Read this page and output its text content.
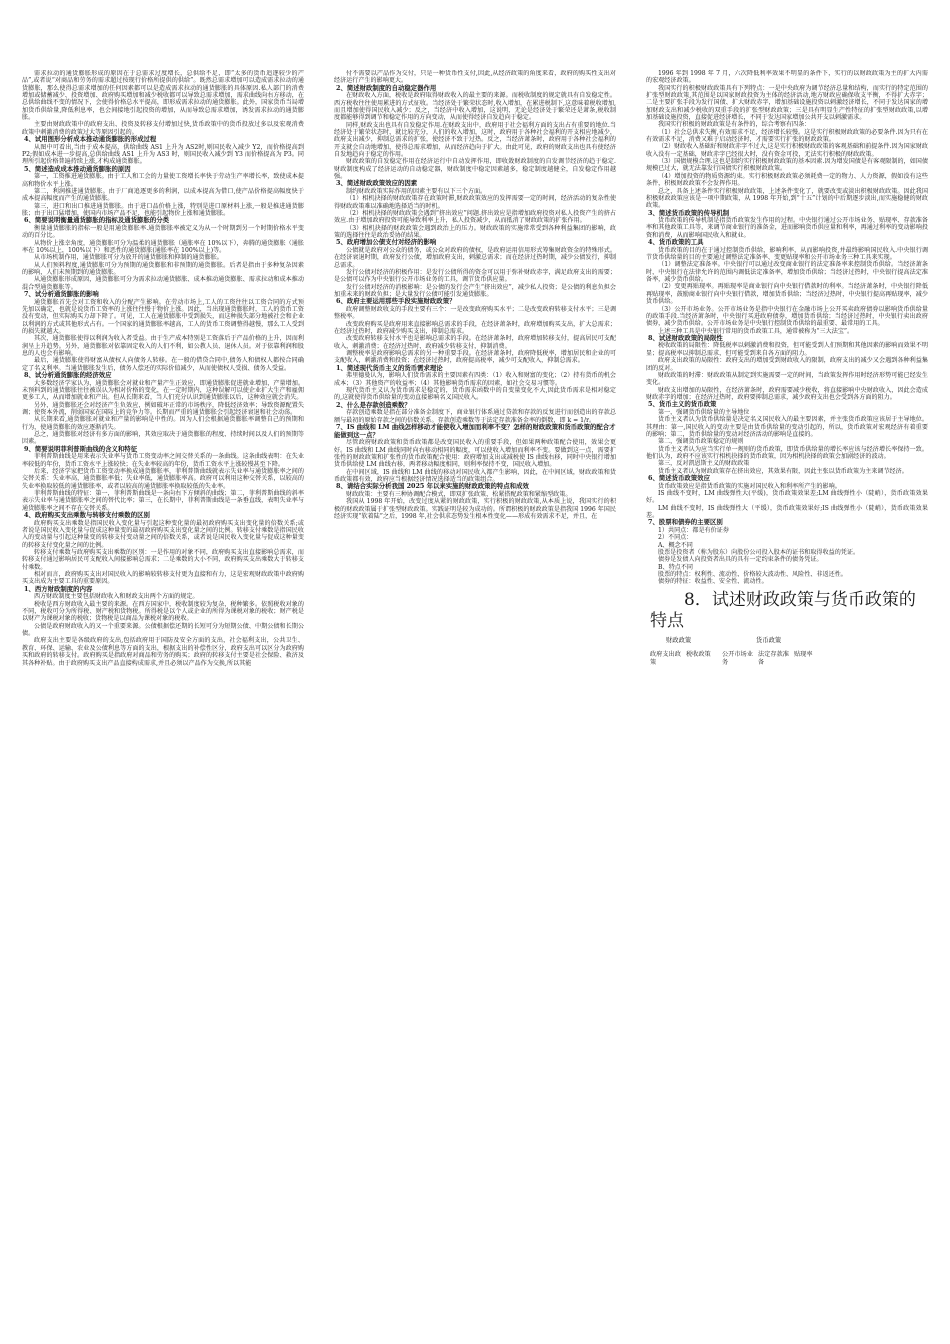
需求拉动的通货膨胀形成的原因在于总需求过度增长，总供给不足，即“太多的货币追逐较少的产品”,或者说“对商品和劳务的需求超过按现行价格所提供的供给”。既然总需求增加可以造成需求拉动的通货膨胀，那么使得总需求增加的任何因素都可以是造成需求拉动的通货膨胀的具体原因.私人部门的消费增加或储蓄减少、投资增加、政府购买增加和减少税收都可以导致总需求增加，需求曲线向右方移动，在总供给曲线不变的情况下，会使得价格总水平提高，即形成需求拉动的通货膨胀。此外，国家货币当局增加货币供给量,降低利息率，也会间接地引起投资的增加，从而导致总需求增加，诱发需求拉动的通货膨胀。

主要由财政政策中的政府支出、投资及转移支付增加过快,货币政策中的货币投放过多以及宏观消费政策中刺激消费的政策过大等原因引起的。

4、试用图形分析成本推动通货膨胀的形成过程

从图中可看出,当由于成本提高，供给曲线 AS1 上升为 AS2时,则国民收入减少 Y2，而价格提高到P2;假如成本进一步提高,总供给曲线 AS1 上升为 AS3 时，则国民收入减少到 Y3 而价格提高为 P3。同理所引起价格普遍持续上涨,才构成通货膨胀。

5、简述造成成本推动通货膨胀的原因

第一，工资推进通货膨胀。由于工人和工会的力量使工资增长率快于劳动生产率增长率，致使成本提高和物价水平上涨。

第二，利润推进通货膨胀。由于厂商追逐更多的利润，以成本提高为借口,使产品价格提高幅度快于成本提高幅度而产生的通货膨胀。

第三，进口和出口推进通货膨胀。由于进口品价格上涨，特别是进口原材料上涨,一般是推进通货膨胀；由于出口猛增加，使国内市场产品不足，也能引起物价上涨和通货膨胀。

6、简要说明衡量通货膨胀的指标及通货膨胀的分类

衡量通货膨胀的指标一般是用通货膨胀率.通货膨胀率被定义为从一个时期到另一个时期价格水平变动的百分比。

从物价上涨幸角度，通货膨胀可分为温柔的通货膨胀（通胀率在 10%以下），奔腾的通货膨胀（通胀率在 10%以上，100%以下）和恶性的通货膨胀(通胀率在 100%以上)等。

从市场机制作用，通货膨胀可分为放开的通货膨胀和抑制的通货膨胀。

从人们预料程度,通货膨胀可分为预期的通货膨胀和非预期的通货膨胀。后者是指由于多种复杂因素的影响，人们未预期到的通货膨胀。

从通货膨胀形成原因，通货膨胀可分为需求拉动通货膨胀、成本推动通货膨胀、需求拉动和成本推动混合型通货膨胀等。

7、试分析通货膨胀的影响

通货膨胀首先会对工资和收入的分配产生影响。在劳动市场上,工人的工资往往以工资合同的方式预先加以确定，也就是说货币工资率的上涨往往慢于物价上涨。因此，当出现通货膨胀时，工人的货币工资没有变动，但实际购买力却下降了。可见，工人在通货膨胀中受到损失，而这种损失部分地被社会和企业以利润的方式或其他形式占有。一个国家的通货膨胀率越高，工人的货币工资调整得越慢，那么工人受到的损失就越大。

其次，通货膨胀使得以利润为收入者受益。由于生产成本特别是工资落后于产品价格的上升，因而利润呈上升趋势。另外，通货膨胀对依靠固定收入的人们不利，如公教人员、退休人员。对于依靠利润和股息的人也会有影响。

最后，通货膨胀使得财富从债权人向债务人转移。在一般的借贷合同中,债务人和债权人都按合同确定了名义利率。当通货膨胀发生后，债务人偿还的实际价值减少，从而使债权人受损、债务人受益。

8、试分析通货膨胀的经济效应

大多数经济学家认为，通货膨胀会对就业和产量产生正效应，即通货膨胀促进就业增加，产量增加。未预料到的通货膨胀往往被误认为相对价格的变化，在一定时期内，这种误解可以使企业扩大生产和雇佣更多工人，从而增加就业和产出。但从长期来看，当人们充分认识到通货膨胀以后，这种效应就会消失。

另外，通货膨胀还会对经济产生负效应，例如破坏正常的市场秩序，降低经济效率；导致资源配置失调；使资本外流，削弱国家在国际上的竞争力等。长期而严重的通货膨胀会引起经济衰退和社会动荡。

从长期来看,通货膨胀对就业和产量的影响是中性的。因为人们会根据通货膨胀率调整自己的预期和行为，使通货膨胀的效应逐渐消失。

总之，通货膨胀对经济有多方面的影响，其效应取决于通货膨胀的程度、持续时间以及人们的预期等因素。

9、简要说明菲利普斯曲线的含义和特征

菲利普斯曲线是用来表示失业率与货币工资变动率之间交替关系的一条曲线。这条曲线表明：在失业率较低的年份，货币工资水平上涨较快；在失业率较高的年份，货币工资水平上涨较慢甚至下降。

后来，经济学家把货币工资变动率换成通货膨胀率，菲利普斯曲线就表示失业率与通货膨胀率之间的交替关系：失业率高，通货膨胀率低；失业率低，通货膨胀率高。政府可以利用这种交替关系，以较高的失业率换取较低的通货膨胀率，或者以较高的通货膨胀率换取较低的失业率。

菲利普斯曲线的特征：第一，菲利普斯曲线是一条向右下方倾斜的曲线；第二，菲利普斯曲线的斜率表示失业率与通货膨胀率之间的替代比率；第三，在长期中，菲利普斯曲线是一条垂直线，表明失业率与通货膨胀率之间不存在交替关系。

4、政府购买支出乘数与转移支付乘数的区别

政府购买支出乘数是指国民收入变化量与引起这种变化量的最初政府购买支出变化量的倍数关系;或者说是国民收入变化量与促成这种量变的最初政府购买支出变化量之间的比例。转移支付乘数是指国民收入的变动量与引起这种量变的转移支付变动量之间的倍数关系，或者说是国民收入变化量与促成这种量变的转移支付变化量之间的比例。

转移支付乘数与政府购买支出乘数的区别：一是作用的对象不同，政府购买支出直接影响总需求，而转移支付通过影响居民可支配收入间接影响总需求；二是乘数的大小不同，政府购买支出乘数大于转移支付乘数。

相对而言，政府购买支出对国民收入的影响较转移支付更为直接和有力，这是宏观财政政策中政府购买支出成为主要工具的重要原因。

1、西方财政制度的内容

西方财政制度主要包括财政收入和财政支出两个方面的规定。

税收是西方财政收入最主要的来源。在西方国家中，税收制度较为复杂，税种繁多。依照税收对象的不同，税收可分为所得税、财产税和货物税。所得税是以个人或企业的所得为课税对象的税收；财产税是以财产为课税对象的税收；货物税是以商品为课税对象的税收。

公债是政府财政收入的又一个重要来源。公债根据偿还期的长短可分为短期公债、中期公债和长期公债。

政府支出主要是各级政府的支出,包括政府用于国防及安全方面的支出，社会福利支出，公共卫生、教育、环保、运输、农业及公债利息等方面的支出，根据支出的补偿性区分，政府支出可以区分为政府购买和政府的转移支付。政府购买是指政府对商品和劳务的购买；政府的转移支付主要是社会保险、救济及其各种补贴。由于政府购买支出产品直接构成需求,并且必须以产品作为交换,所以其能

付不需要以产品作为交付，只是一种货币性支付,因此,从经济政策的角度来看，政府的购买性支出对经济运行产生的影响更大。

2、简述财政制度的自动稳定器作用

在财政收入方面，税收是政府取得财政收入的最主要的来源。而税收制度的规定就具有自发稳定性。西方税收往往使用累进的方式征收。当经济处于繁荣状态时,收入增加，在累进税制下,这意味着税收增加,而且增加使得国民收入减少；反之，当经济中收入增加，这说明，无论是经济处于繁荣还是萧条,税收制度都能够得到调节和稳定作用的方向变动，从而使得经济自发趋向于稳定。

同样,财政支出也具有自发稳定作用.在财政支出中，政府用于社会福利方面的支出占有重要的地位.当经济处于繁荣状态时，就比较充分，人们的收入增加，这时，政府用于各种社会福利的开支相应地减少，政府支出减少，抑制总需求的扩张，使经济不致于过热。反之，当经济萧条时，政府用于各种社会福利的开支就会自动地增加，使得总需求增加，从而经济趋向于扩大。由此可见，政府的财政支出也具有使经济自发地趋向于稳定的作用。

财政政策的自发稳定作用在经济运行中自动发挥作用，即收敛财政制度的自发调节经济的趋于稳定.财政制度构成了经济运动的自动稳定器，财政制度中稳定因素越多，稳定制度越健全，自发稳定作用越强。

3、简述财政政策效应的因素

制约财政政策实际作用的因素主要有以下三个方面。

（1）相机抉择的财政政策存在政策时滞,财政政策效应的发挥需要一定的时间，经济活动的复杂性使得财政政策难以准确地选择适当的时机。

（2）相机抉择的财政政策会遇到“挤出效应”问题.挤出效应是指增加政府投资对私人投资产生的挤占效应.由于增加政府投资可能导致利率上升，私人投资减少，从而抵消了财政政策的扩张作用。

（3）相机抉择的财政政策会遇到政治上的压力。财政政策的实施常常受到各种利益集团的影响，政策的选择往往是政治妥协的结果。

5、政府增加公债支付对经济的影响

公债就是政府对公众的债务，或公众对政府的债权，是政府运用信用形式筹集财政资金的特殊形式。在经济衰退时期，政府发行公债，增加政府支出，刺激总需求；而在经济过热时期，减少公债发行，抑制总需求。

发行公债对经济的积极作用：是发行公债所得的资金可以用于弥补财政赤字，满足政府支出的需要；是公债可以作为中央银行公开市场业务的工具，调节货币供应量。

发行公债对经济的消极影响：是公债的发行会产生“挤出效应”，减少私人投资；是公债的利息负担会加重未来的财政负担；是大量发行公债可能引发通货膨胀。

6、政府主要运用那些手段实施财政政策？

政府调整财政收支的手段主要有三个：一是改变政府购买水平；二是改变政府转移支付水平；三是调整税率。

改变政府购买是政府用来直接影响总需求的手段，在经济萧条时，政府增加购买支出，扩大总需求；在经济过热时，政府减少购买支出，抑制总需求。

改变政府转移支付水平也是影响总需求的手段。在经济萧条时，政府增加转移支付，提高居民可支配收入，刺激消费；在经济过热时，政府减少转移支付，抑制消费。

调整税率是政府影响总需求的另一种重要手段。在经济萧条时，政府降低税率，增加居民和企业的可支配收入，刺激消费和投资；在经济过热时，政府提高税率，减少可支配收入，抑制总需求。

1、简述现代货币主义的货币需求理论

弗里德曼认为，影响人们货币需求的主要因素有四类：（1）收入和财富的变化；（2）持有货币的机会成本；（3）其他资产的收益率；（4）其他影响货币需求的因素，如社会交易习惯等。

现代货币主义认为货币需求是稳定的，货币需求函数中的自变量变化不大,因此货币需求是相对稳定的,这就使得货币供给量的变动直接影响名义国民收入。

2、什么是存款创造乘数？

存款创造乘数是指在部分准备金制度下，商业银行体系通过贷款和存款的反复进行而创造出的存款总额与最初的原始存款之间的倍数关系。存款创造乘数等于法定存款准备金率的倒数，即 k = 1/r。

7、IS 曲线和 LM 曲线怎样移动才能使收入增加而利率不变？怎样的财政政策和货币政策的配合才能做到这一点？

尽管政府财政政策和货币政策都是改变国民收入的重要手段，但如果两种政策配合使用，效果会更好。IS 曲线和 LM 曲线同时向右移动相同的幅度，可以使收入增加而利率不变。要做到这一点，需要扩张性的财政政策和扩张性的货币政策配合使用：政府增加支出或减税使 IS 曲线右移，同时中央银行增加货币供给使 LM 曲线右移，两者移动幅度相同，则利率保持不变，国民收入增加。

在中间区域，IS 曲线和 LM 曲线的移动对国民收入都产生影响，因此，在中间区域，财政政策和货币政策都有效，政府应当根据经济情况选择适当的政策组合。

8、请结合实际分析我国 2025 年以来实施的财政政策的特点和成效

财政政策：主要有三种协调配合模式，即双扩张政策、松紧搭配政策和紧缩型政策。

我国从 1998 年开始，改变过度从紧的财政政策，实行积极的财政政策,从本质上说，我国实行的积极的财政政策属于扩张型财政政策。实践证明是较为成功的。所谓积极的财政政策是指我国 1996 年国民经济实现“软着陆”之后，1998 年,社会供求态势发生根本性变化——形成有效需求不足，并且，在

1996 年到 1998 年 7 月，六次降低利率效果不明显的条件下，实行的以财政政策为主的扩大内需的宏观经济政策。

我国实行的积极财政政策具有下列特点：一是中央政府为调节经济总量和结构，而实行的特定范围的扩张型财政政策,其范围是以国家财政投资为主体的经济活动,地方财政应确保收支平衡，不得扩大赤字；二是主要扩张手段为发行国债、扩大财政赤字，增加基础设施投资以刺激经济增长，不同于发达国家的增加财政支出和减少税收的双重手段的扩张型财政政策；三是具有明显生产性特征的扩张型财政政策,以增加基础设施投资，直接促进经济增长，不同于发达国家增加公共开支以刺激需求。

我国实行积极的财政政策是有条件的，综合考察有四条：

（1）社会总供求失衡,有效需求不足，经济增长较慢。这是实行积极财政政策的必要条件.因为只有在有效需求不足，消费又难于启动经济时，才需要实行扩张的财政政策。

（2）财政收入基础好和财政赤字不过大,这是实行积极财政政策的客观基础和前提条件.因为国家财政收入没有一定基础，财政赤字已经很大时，没有资金可投，无法实行积极的财政政策。

（3）国债规模合理.这也是制约实行积极财政政策的基本因素.因为增发国债是有客观限制的，如国债规模已过大，就无法靠发行国债实行积极财政政策。

（4）增加投资的物质资源约束。实行积极财政政策必须耗费一定的物力、人力资源，假如没有这些条件，积极财政政策不会发挥作用。

总之，具备上述条件实行积极财政政策，上述条件变化了，就要改变或淡出积极财政政策。因此我国积极财政政策应该是一项中期政策，从 1998 年开始,到“十五”计划的中后期逐步淡出,而实施稳健的财政政策。

3、简述货币政策的传导机制

货币政策的传导机制是指货币政策发生作用的过程。中央银行通过公开市场业务、贴现率、存款准备率和其他政策工具等，来调节商业银行的准备金，进而影响货币供应量和利率，再通过利率的变动影响投资和消费，从而影响国民收入和就业。

4、货币政策的工具

货币政策的目的在于通过控制货币供给，影响利率，从而影响投资,并最终影响国民收入.中央银行调节货币供给量的目的主要通过调整法定准备率、变更贴现率和公开市场业务三种工具来实现。

（1）调整法定准备率。中央银行可以通过改变商业银行的法定准备率来控制货币供给。当经济萧条时，中央银行在法律允许的范围内调低法定准备率，增加货币供给；当经济过热时，中央银行提高法定准备率，减少货币供给。

（2）变更再贴现率。再贴现率是商业银行向中央银行借款时的利率。当经济萧条时，中央银行降低再贴现率，鼓励商业银行向中央银行借款，增加货币供给；当经济过热时，中央银行提高再贴现率，减少货币供给。

（3）公开市场业务。公开市场业务是指中央银行在金融市场上公开买卖政府债券以影响货币供给量的政策手段.当经济萧条时，中央银行买进政府债券，增加货币供给；当经济过热时，中央银行卖出政府债券，减少货币供给。公开市场业务是中央银行控制货币供给的最重要、最常用的工具。

上述三种工具是中央银行常用的货币政策工具，通常被称为“三大法宝”。

8、试述财政政策的局限性

税收政策的局限性：降低税率以刺激消费和投资，但可能受到人们预期和其他因素的影响而效果不明显；提高税率以抑制总需求，但可能受到来自各方面的阻力。

政府支出政策的局限性：政府支出的增加受到财政收入的限制，政府支出的减少又会遇到各种利益集团的反对。

财政政策的时滞：财政政策从制定到实施需要一定的时间，当政策发挥作用时经济形势可能已经发生变化。

财政支出增加的局限性，在经济萧条时，政府需要减少税收，将直接影响中央财政收入，因此会造成财政赤字的增加；在经济过热时，政府要抑制总需求，减少政府支出也会受到各方面的阻力。

5、货币主义的货币政策

第一，强调货币供给量的主导地位

货币主义者认为货币供给量是决定名义国民收入的最主要因素，并主张货币政策应该居于主导地位。其理由：第一,国民收入的变动主要是由货币供给量的变动引起的，所以，货币政策对宏观经济有着重要的影响；第二，货币供给量的变动对经济活动的影响是直接的。

第二，强调货币政策稳定的规则

货币主义者认为应当实行单一规则的货币政策，即货币供给量的增长率应该与经济增长率保持一致。他们认为，政府不应该实行相机抉择的货币政策，因为相机抉择的政策会加剧经济的波动。

第三，反对凯恩斯主义的财政政策

货币主义者认为财政政策存在挤出效应，其效果有限，因此主张以货币政策为主来调节经济。

6、简述货币政策效应

货币政策效应是指货币政策的实施对国民收入和利率所产生的影响。

IS 曲线不变时，LM 曲线弹性大(平缓)，货币政策效果差;LM 曲线弹性小（陡峭），货币政策效果好。

LM 曲线不变时，IS 曲线弹性大（平缓），货币政策效果好;IS 曲线弹性小（陡峭），货币政策效果差。

7、股票和债券的主要区别

1）共同点：都是有价证券

2）不同点：

A、概念不同

股票是投资者（称为股东）向股份公司投入股本的证书和取得收益的凭证。

债券是发债人向投资者出具的具有一定约束条件的债务凭证。

B、特点不同

股票的特点：权利性、流动性、价格较大波动性、风险性、非返还性。

债券的特征：收益性、安全性、流动性。

8．试述财政政策与货币政策的特点
财政政策	货币政策
政府支出政策
税收政策	公开市场业务
法定存款准备
贴现率
